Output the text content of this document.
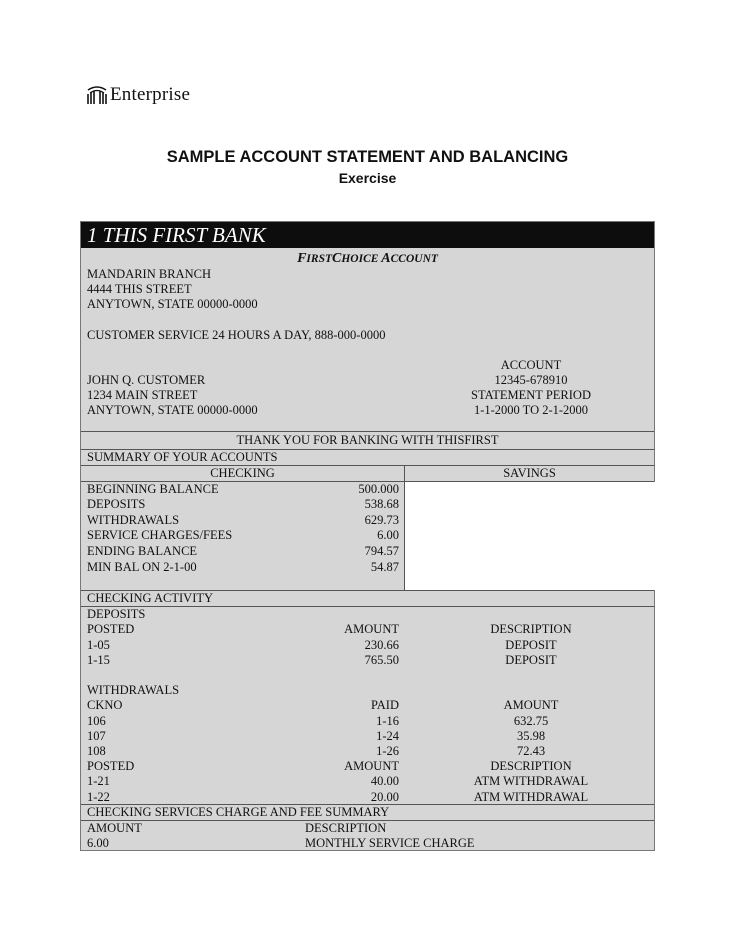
Enterprise
SAMPLE ACCOUNT STATEMENT AND BALANCING
Exercise
1 THIS FIRST BANK
FIRSTCHOICE ACCOUNT
MANDARIN BRANCH
4444 THIS STREET
ANYTOWN, STATE 00000-0000
CUSTOMER SERVICE 24 HOURS A DAY, 888-000-0000
ACCOUNT
JOHN Q. CUSTOMER	12345-678910
1234 MAIN STREET	STATEMENT PERIOD
ANYTOWN, STATE 00000-0000	1-1-2000 TO 2-1-2000
THANK YOU FOR BANKING WITH THISFIRST
SUMMARY OF YOUR ACCOUNTS
CHECKING	SAVINGS
BEGINNING BALANCE	500.000
DEPOSITS	538.68
WITHDRAWALS	629.73
SERVICE CHARGES/FEES	6.00
ENDING BALANCE	794.57
MIN BAL ON 2-1-00	54.87
CHECKING ACTIVITY
DEPOSITS
POSTED	AMOUNT	DESCRIPTION
1-05	230.66	DEPOSIT
1-15	765.50	DEPOSIT
WITHDRAWALS
CKNO	PAID	AMOUNT
106	1-16	632.75
107	1-24	35.98
108	1-26	72.43
POSTED	AMOUNT	DESCRIPTION
1-21	40.00	ATM WITHDRAWAL
1-22	20.00	ATM WITHDRAWAL
CHECKING SERVICES CHARGE AND FEE SUMMARY
AMOUNT	DESCRIPTION
6.00	MONTHLY SERVICE CHARGE
